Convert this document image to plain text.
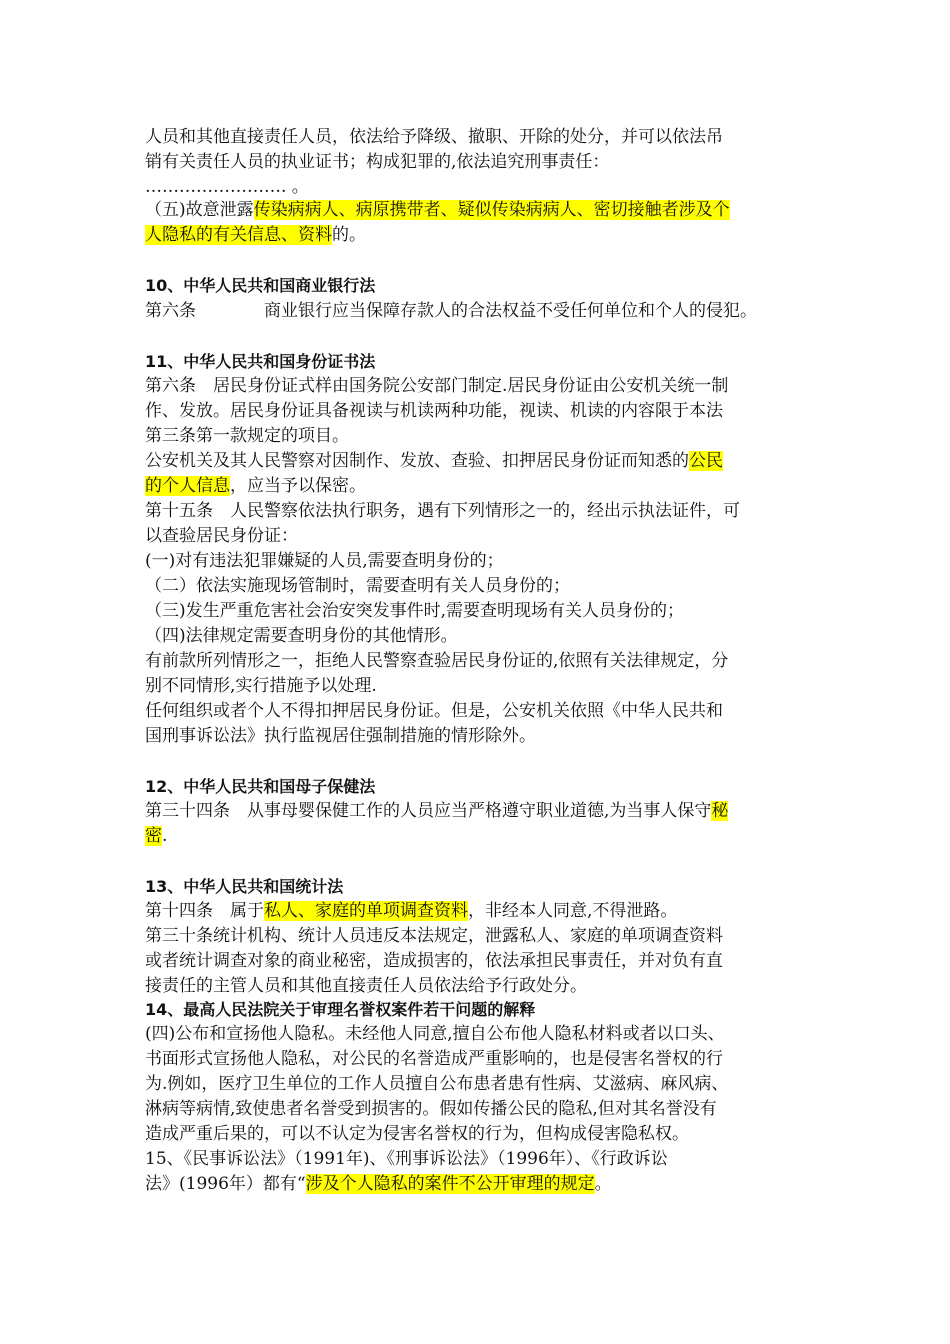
人员和其他直接责任人员，依法给予降级、撤职、开除的处分，并可以依法吊
销有关责任人员的执业证书；构成犯罪的,依法追究刑事责任：
……………………. 。
（五)故意泄露传染病病人、病原携带者、疑似传染病病人、密切接触者涉及个
人隐私的有关信息、资料的。
10、中华人民共和国商业银行法
第六条　　　　商业银行应当保障存款人的合法权益不受任何单位和个人的侵犯。
11、中华人民共和国身份证书法
第六条　居民身份证式样由国务院公安部门制定.居民身份证由公安机关统一制
作、发放。居民身份证具备视读与机读两种功能，视读、机读的内容限于本法
第三条第一款规定的项目。
公安机关及其人民警察对因制作、发放、查验、扣押居民身份证而知悉的公民
的个人信息，应当予以保密。
第十五条　人民警察依法执行职务，遇有下列情形之一的，经出示执法证件，可
以查验居民身份证：
(一)对有违法犯罪嫌疑的人员,需要查明身份的；
（二）依法实施现场管制时，需要查明有关人员身份的；
（三)发生严重危害社会治安突发事件时,需要查明现场有关人员身份的；
（四)法律规定需要查明身份的其他情形。
有前款所列情形之一，拒绝人民警察查验居民身份证的,依照有关法律规定，分
别不同情形,实行措施予以处理.
任何组织或者个人不得扣押居民身份证。但是，公安机关依照《中华人民共和
国刑事诉讼法》执行监视居住强制措施的情形除外。
12、中华人民共和国母子保健法
第三十四条　从事母婴保健工作的人员应当严格遵守职业道德,为当事人保守秘
密.
13、中华人民共和国统计法
第十四条　属于私人、家庭的单项调查资料，非经本人同意,不得泄路。
第三十条统计机构、统计人员违反本法规定，泄露私人、家庭的单项调查资料
或者统计调查对象的商业秘密，造成损害的，依法承担民事责任，并对负有直
接责任的主管人员和其他直接责任人员依法给予行政处分。
14、最高人民法院关于审理名誉权案件若干问题的解释
(四)公布和宣扬他人隐私。未经他人同意,擅自公布他人隐私材料或者以口头、
书面形式宣扬他人隐私，对公民的名誉造成严重影响的，也是侵害名誉权的行
为.例如，医疗卫生单位的工作人员擅自公布患者患有性病、艾滋病、麻风病、
淋病等病情,致使患者名誉受到损害的。假如传播公民的隐私,但对其名誉没有
造成严重后果的，可以不认定为侵害名誉权的行为，但构成侵害隐私权。
15、《民事诉讼法》（1991年)、《刑事诉讼法》（1996年）、《行政诉讼
法》(1996年）都有“涉及个人隐私的案件不公开审理的规定。
